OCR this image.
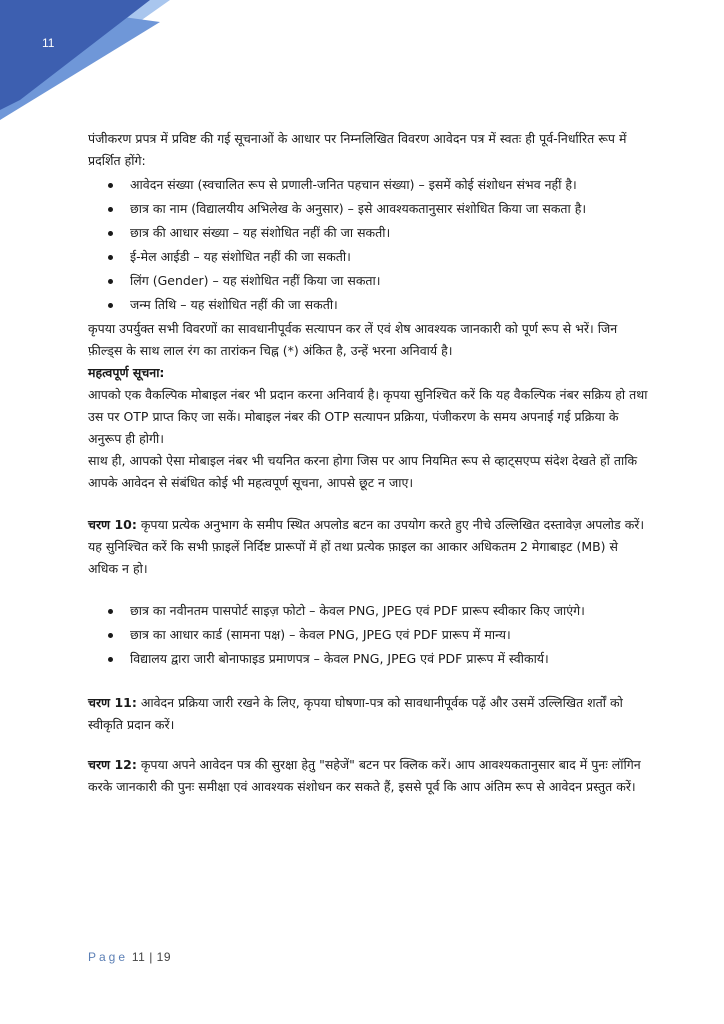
11

पंजीकरण प्रपत्र में प्रविष्ट की गई सूचनाओं के आधार पर निम्नलिखित विवरण आवेदन पत्र में स्वतः ही पूर्व-निर्धारित रूप में प्रदर्शित होंगे:

आवेदन संख्या (स्वचालित रूप से प्रणाली-जनित पहचान संख्या) – इसमें कोई संशोधन संभव नहीं है।
छात्र का नाम (विद्यालयीय अभिलेख के अनुसार) – इसे आवश्यकतानुसार संशोधित किया जा सकता है।
छात्र की आधार संख्या – यह संशोधित नहीं की जा सकती।
ई-मेल आईडी – यह संशोधित नहीं की जा सकती।
लिंग (Gender) – यह संशोधित नहीं किया जा सकता।
जन्म तिथि – यह संशोधित नहीं की जा सकती।

कृपया उपर्युक्त सभी विवरणों का सावधानीपूर्वक सत्यापन कर लें एवं शेष आवश्यक जानकारी को पूर्ण रूप से भरें। जिन फ़ील्ड्स के साथ लाल रंग का तारांकन चिह्न (*) अंकित है, उन्हें भरना अनिवार्य है।

महत्वपूर्ण सूचना:

आपको एक वैकल्पिक मोबाइल नंबर भी प्रदान करना अनिवार्य है। कृपया सुनिश्चित करें कि यह वैकल्पिक नंबर सक्रिय हो तथा उस पर OTP प्राप्त किए जा सकें। मोबाइल नंबर की OTP सत्यापन प्रक्रिया, पंजीकरण के समय अपनाई गई प्रक्रिया के अनुरूप ही होगी।

साथ ही, आपको ऐसा मोबाइल नंबर भी चयनित करना होगा जिस पर आप नियमित रूप से व्हाट्सएप्प संदेश देखते हों ताकि आपके आवेदन से संबंधित कोई भी महत्वपूर्ण सूचना, आपसे छूट न जाए।

चरण 10: कृपया प्रत्येक अनुभाग के समीप स्थित अपलोड बटन का उपयोग करते हुए नीचे उल्लिखित दस्तावेज़ अपलोड करें। यह सुनिश्चित करें कि सभी फ़ाइलें निर्दिष्ट प्रारूपों में हों तथा प्रत्येक फ़ाइल का आकार अधिकतम 2 मेगाबाइट (MB) से अधिक न हो।

छात्र का नवीनतम पासपोर्ट साइज़ फोटो – केवल PNG, JPEG एवं PDF प्रारूप स्वीकार किए जाएंगे।
छात्र का आधार कार्ड (सामना पक्ष) – केवल PNG, JPEG एवं PDF प्रारूप में मान्य।
विद्यालय द्वारा जारी बोनाफाइड प्रमाणपत्र – केवल PNG, JPEG एवं PDF प्रारूप में स्वीकार्य।

चरण 11: आवेदन प्रक्रिया जारी रखने के लिए, कृपया घोषणा-पत्र को सावधानीपूर्वक पढ़ें और उसमें उल्लिखित शर्तों को स्वीकृति प्रदान करें।

चरण 12: कृपया अपने आवेदन पत्र की सुरक्षा हेतु "सहेजें" बटन पर क्लिक करें। आप आवश्यकतानुसार बाद में पुनः लॉगिन करके जानकारी की पुनः समीक्षा एवं आवश्यक संशोधन कर सकते हैं, इससे पूर्व कि आप अंतिम रूप से आवेदन प्रस्तुत करें।

Page 11 | 19
